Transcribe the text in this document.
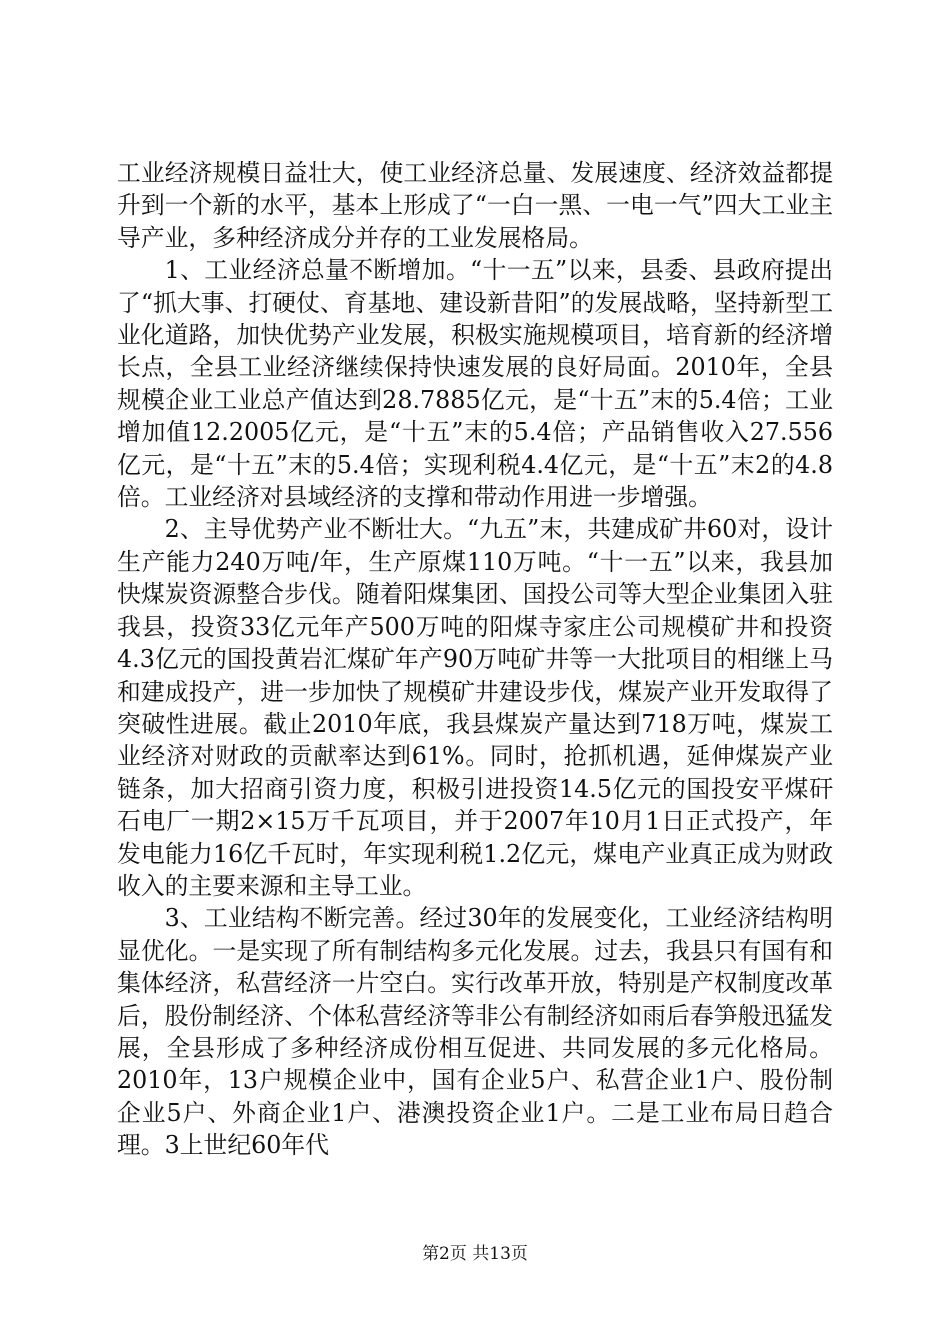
工业经济规模日益壮大，使工业经济总量、发展速度、经济效益都提升到一个新的水平，基本上形成了“一白一黑、一电一气”四大工业主导产业，多种经济成分并存的工业发展格局。

1、工业经济总量不断增加。“十一五”以来，县委、县政府提出了“抓大事、打硬仗、育基地、建设新昔阳”的发展战略，坚持新型工业化道路，加快优势产业发展，积极实施规模项目，培育新的经济增长点，全县工业经济继续保持快速发展的良好局面。2010年，全县规模企业工业总产值达到28.7885亿元，是“十五”末的5.4倍；工业增加值12.2005亿元，是“十五”末的5.4倍；产品销售收入27.556亿元，是“十五”末的5.4倍；实现利税4.4亿元，是“十五”末2的4.8倍。工业经济对县域经济的支撑和带动作用进一步增强。

2、主导优势产业不断壮大。“九五”末，共建成矿井60对，设计生产能力240万吨/年，生产原煤110万吨。“十一五”以来，我县加快煤炭资源整合步伐。随着阳煤集团、国投公司等大型企业集团入驻我县，投资33亿元年产500万吨的阳煤寺家庄公司规模矿井和投资4.3亿元的国投黄岩汇煤矿年产90万吨矿井等一大批项目的相继上马和建成投产，进一步加快了规模矿井建设步伐，煤炭产业开发取得了突破性进展。截止2010年底，我县煤炭产量达到718万吨，煤炭工业经济对财政的贡献率达到61%。同时，抢抓机遇，延伸煤炭产业链条，加大招商引资力度，积极引进投资14.5亿元的国投安平煤矸石电厂一期2×15万千瓦项目，并于2007年10月1日正式投产，年发电能力16亿千瓦时，年实现利税1.2亿元，煤电产业真正成为财政收入的主要来源和主导工业。

3、工业结构不断完善。经过30年的发展变化，工业经济结构明显优化。一是实现了所有制结构多元化发展。过去，我县只有国有和集体经济，私营经济一片空白。实行改革开放，特别是产权制度改革后，股份制经济、个体私营经济等非公有制经济如雨后春笋般迅猛发展，全县形成了多种经济成份相互促进、共同发展的多元化格局。2010年，13户规模企业中，国有企业5户、私营企业1户、股份制企业5户、外商企业1户、港澳投资企业1户。二是工业布局日趋合理。3上世纪60年代

第2页 共13页
